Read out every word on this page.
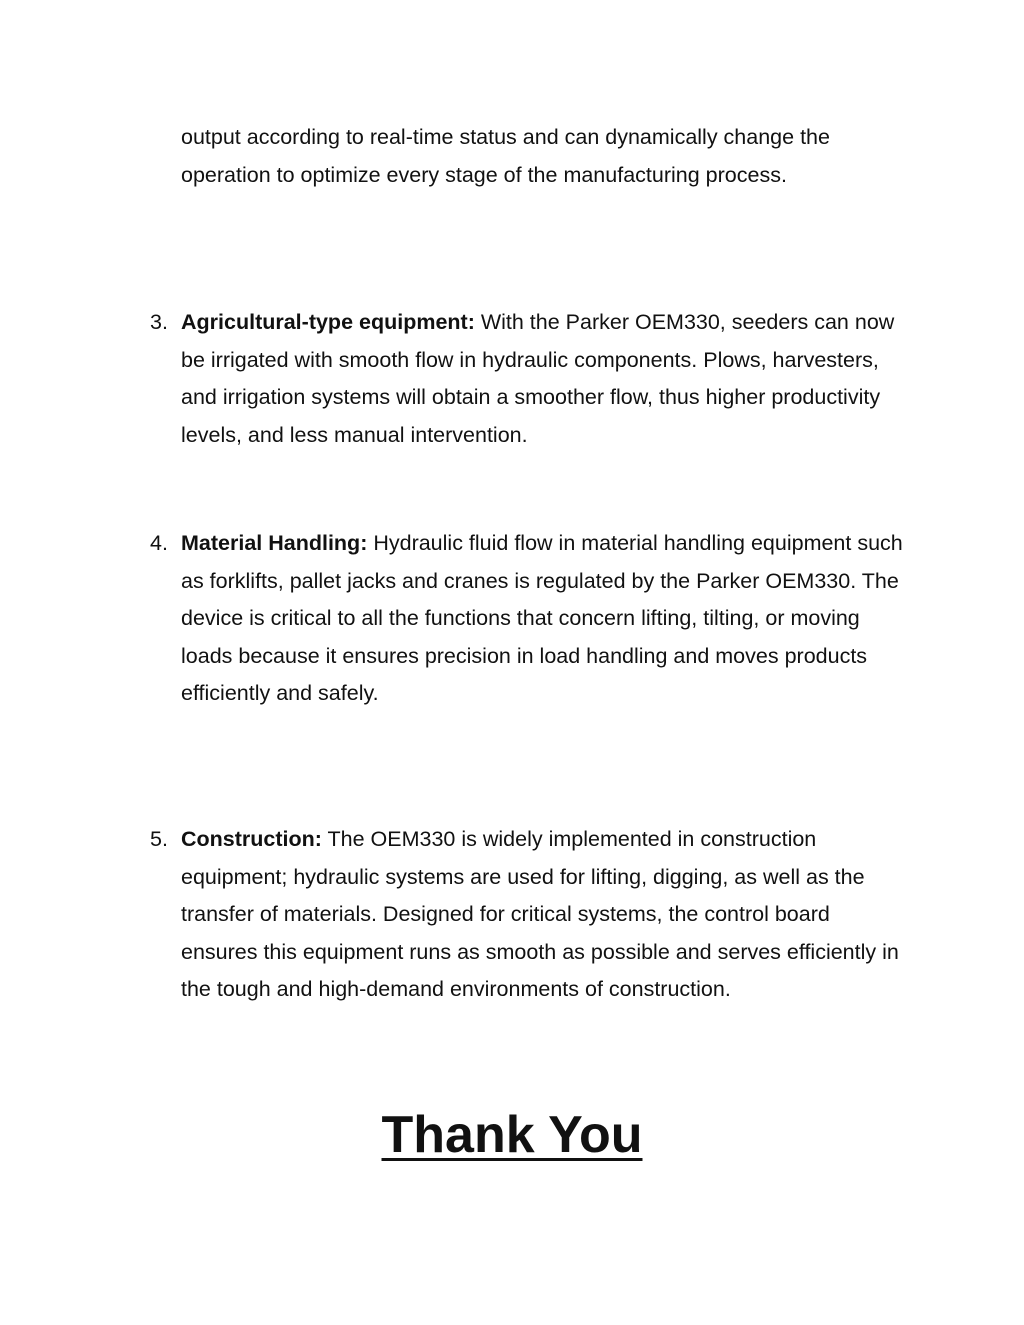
output according to real-time status and can dynamically change the operation to optimize every stage of the manufacturing process.

3. Agricultural-type equipment: With the Parker OEM330, seeders can now be irrigated with smooth flow in hydraulic components. Plows, harvesters, and irrigation systems will obtain a smoother flow, thus higher productivity levels, and less manual intervention.
4. Material Handling: Hydraulic fluid flow in material handling equipment such as forklifts, pallet jacks and cranes is regulated by the Parker OEM330. The device is critical to all the functions that concern lifting, tilting, or moving loads because it ensures precision in load handling and moves products efficiently and safely.
5. Construction: The OEM330 is widely implemented in construction equipment; hydraulic systems are used for lifting, digging, as well as the transfer of materials. Designed for critical systems, the control board ensures this equipment runs as smooth as possible and serves efficiently in the tough and high-demand environments of construction.
Thank You
